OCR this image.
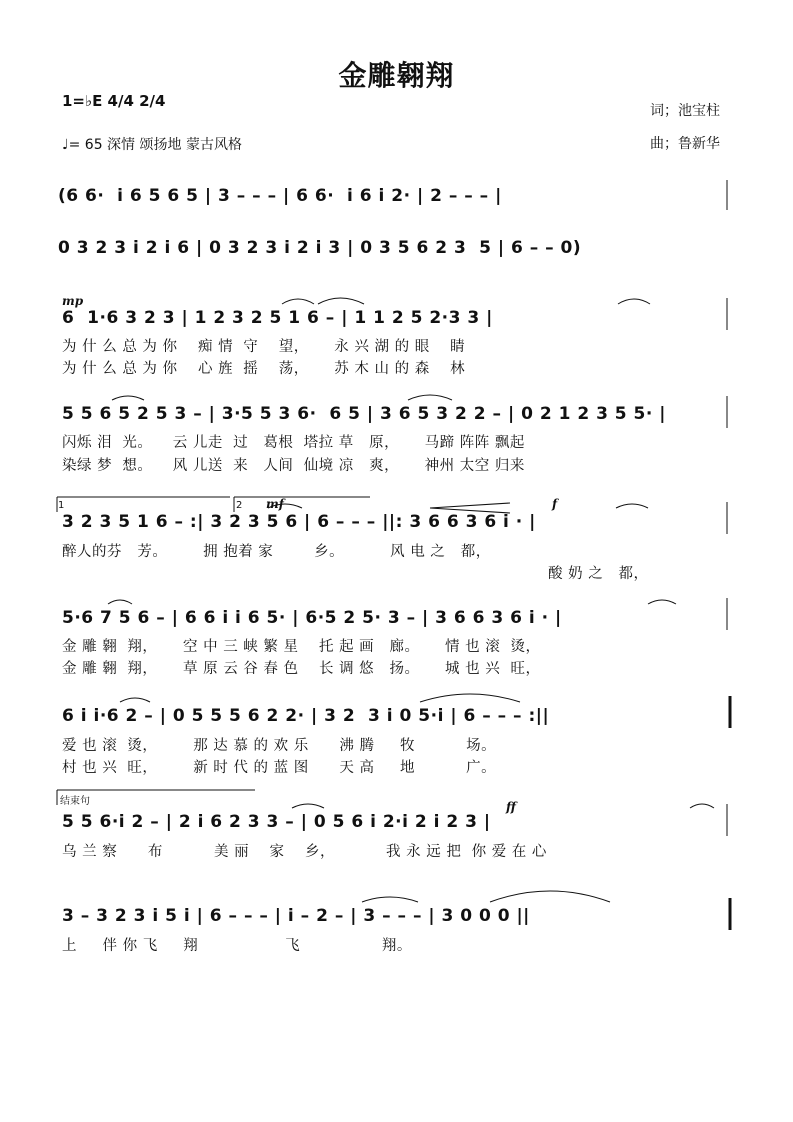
金雕翱翔
1=♭E 4/4 2/4
♩= 65 深情 颂扬地 蒙古风格
词；池宝柱
曲；鲁新华
(6 6·  i 6 5 6 5 | 3 – – – | 6 6·  i 6 i 2· | 2 – – – |
0 3 2 3 i 2 i 6 | 0 3 2 3 i 2 i 3 | 0 3 5 6 2 3  5 | 6 – – 0)
mp
6  1·6 3 2 3 | 1 2 3 2 5 1 6 – | 1 1 2 5 2·3 3 |
为 什 么 总 为 你    痴 情  守    望，     永 兴 湖 的 眼    睛
为 什 么 总 为 你    心 旌  摇    荡，     苏 木 山 的 森    林
5 5 6 5 2 5 3 – | 3·5 5 3 6·  6 5 | 3 6 5 3 2 2 – | 0 2 1 2 3 5 5· |
闪烁 泪  光。    云 儿走  过   葛根  塔拉 草   原，     马蹄 阵阵 飘起
染绿 梦  想。    风 儿送  来   人间  仙境 凉   爽，     神州 太空 归来
1	2 mf	f
3 2 3 5 1 6 – :| 3 2 3 5 6 | 6 – – – ||: 3 6 6 3 6 i · |
醉人的芬   芳。       拥 抱着 家        乡。         风 电 之   都，
酸 奶 之   都，
5·6 7 5 6 – | 6 6 i i 6 5· | 6·5 2 5· 3 – | 3 6 6 3 6 i · |
金 雕 翱  翔，     空 中 三 峡 繁 星    托 起 画   廊。     情 也 滚  烫，
金 雕 翱  翔，     草 原 云 谷 春 色    长 调 悠   扬。     城 也 兴  旺，
6 i i·6 2 – | 0 5 5 5 6 2 2· | 3 2  3 i 0 5·i | 6 – – – :||
爱 也 滚  烫，       那 达 慕 的 欢 乐      沸 腾     牧          场。
村 也 兴  旺，       新 时 代 的 蓝 图      天 高     地          广。
结束句	ff
5 5 6·i 2 – | 2 i 6 2 3 3 – | 0 5 6 i 2·i 2 i 2 3 |
乌 兰 察      布          美 丽    家    乡，          我 永 远 把  你 爱 在 心
3 – 3 2 3 i 5 i | 6 – – – | i – 2 – | 3 – – – | 3 0 0 0 ||
上     伴 你 飞     翔                 飞                翔。
